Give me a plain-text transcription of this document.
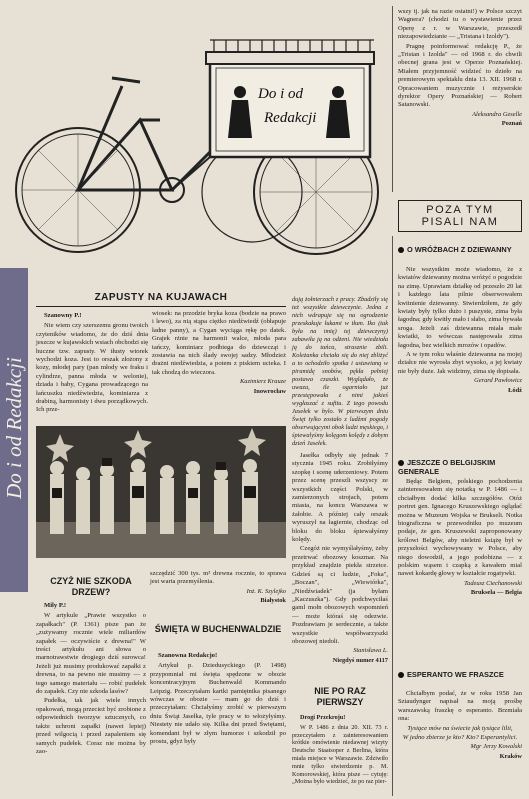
Do i od Redakcji
Do i od
Redakcji

wszy tj. jak na razie ostatni!) w Polsce szczyt Wagnera? (chodzi tu o wystawienie przez Operę z r. w Warszawie, przeszedł niezapowiedzianie — „Tristana i Izoldy").

Pragnę poinformować redakcję P., że „Tristan i Izolda" — od 1968 r. do chwili obecnej grana jest w Operze Poznańskiej. Miałem przyjemność widzieć to dzieło na premierowym spektaklu dnia 13. XII. 1968 r. Opracowaniem muzycznie i reżyserskie dyrektor Opery Poznańskiej — Robert Satanowski.

Aleksandra Geselle
Poznań
POZA TYM PISALI NAM
O WRÓŻBACH Z DZIEWANNY

Nie wszystkim może wiadomo, że z kwiatów dziewanny można wróżyć o pogodzie na zimę. Uprawiam działkę od przeszło 20 lat i każdego lata pilnie obserwowałem kwitnienie dziewanny. Stwierdziłem, że gdy kwiaty były tylko dużo i puszyste, zima była łagodna; gdy kwitły mało i słabo, zima bywała sroga. Jeżeli zaś dziewanna miała małe kwiatki, to wówczas następowała zima łagodna, bez wielkich mrozów i opadów.

A w tym roku właśnie dziewanna na mojej działce nie wyrosła zbyt wysoko, a jej kwiaty nie były duże. Jak widzimy, zima się dopisała.

Gerard Pawłowicz
Łódź
JESZCZE O BELGIJSKIM GENERALE

Będąc Belgiem, polskiego pochodzenia zainteresowałem się notatką w P. 1486 — i chciałbym dodać kilka szczegółów. Otóż portret gen. Ignacego Kruszewskiego oglądać można w Muzeum Wojska w Brukseli. Notka biograficzna w przewodniku po muzeum podaje, że gen. Kruszewski zaproponowany królowi Belgów, aby nieletni książę był w przyszłości wychowywany w Polsce, aby niego dowodził, a jego podobizna — z polskim wąsem i czapką z kawałem mial nawet kokardę głowy w kształcie rogatywki.

Tadeusz Ciechanowski
Bruksela — Belgia
ESPERANTO WE FRASZCE

Chciałbym podać, że w roku 1958 Jan Sztaudynger napisał na moją prośbę warszawską fraszkę o esperanto. Brzmiała ona:

Tysiące mów na świecie jak tysiące lilii,

W jedno zbierze je kto? Kto? Esperantylici.

Mgr Jerzy Kowalski
Kraków
ZAPUSTY NA KUJAWACH
Szanowny P.!

Nie wiem czy szerszemu gronu twoich czyteników wiadomo, że do dziś dnia jeszcze w kujawskich wsiach obchodzi się huczne tzw. zapusty. W tłusty wtorek wychodzi koza. Jest to orszak złożony z kozy, młodej pary (pan młody we fraku i cylindrze, panna młoda w welonie), dziada i baby, Cygana prowadzącego na łańcuszku niedźwiedzia, kominiarza z drabiną, harmonisty i dwu porządkowych. Ich prze-

wiosek: na przodzie bryka koza (bodzie na prawo i lewo), za nią stąpa ciężko niedźwiedź (obłapuje ładne panny), a Cygan wyciąga rękę po datek. Grajek rżnie na harmonii walce, młoda para tańczy, kominiarz podbiega do dziewcząt i zostawia na nich ślady swojej sadzy. Młodzież drażni niedźwiedzia, a potem z piskiem ucieka. I tak chodzą do wieczora.

Kazimierz Krauze
Inowrocław
CZYŻ NIE SZKODA DRZEW?
Mily P.!

W artykule „Prawie wszystko o zapałkach" (P. 1361) pisze pan że „zużywamy rocznie wiele miliardów zapałek — oczywiście z drewna!" W treści artykułu ani słowa o marnotrawstwie drogiego dziś surowca! Jeżeli już musimy produkować zapałki z drewna, to na pewno nie musimy — z tego samego materiału — robić pudełek do zapałek. Czy nie szkoda lasów?

Pudełka, tak jak wiele innych opakowań, mogą przecież być zrobione z odpowiednich tworzyw sztucznych, co także uchroni zapałki (nawet lepiej) przed wilgocią i przed zapaleniem się samych pudełek. Coraz nie można by zao-

szczędzić 300 tys. m³ drewna rocznie, to sprawa jest warta przemyślenia.

Inż. K. Szylejko
Białystok
ŚWIĘTA W BUCHENWALDZIE
Szanowna Redakcjo!

Artykuł p. Dziedusyckiego (P. 1498) przypomniał mi święta spędzone w obozie koncentracyjnym Buchenwald Kommando Leipzig. Przeczytałam kartki pamiętnika pisanego wówczas w obozie — mam go do dziś i przeczytałam: Chciałyśmy zrobić w pierwszym dniu Świąt Jasełka, tyle pracy w to włożyłyśmy. Niestety nie udało się. Kilka dni przed Świętami, komendant był w złym humorze i szkodził po prostu, gdyż były

dują żołnierzach z pracy. Zbudziły się też wszystkie dziewczynie. Jedna z nich wdrapuje się na ogrodzenie przeskakuje łukami w tłum. Iko (tak była na imię) tej dziewczyny) zabawiła ją na odżeni. Nie wiedziała ją do tańca, strasznie zbili. Koleżanka chciała się do niej zbliżyć a to ochodziło spotka i ustawianą w piramidę snobów, pękła pełniej postawa czaszki. Wyglądało, że uwaza, ile ogarniało już przestępowała z nimi jakieś wygłaszać z sufitu. Z tego powodu Jasełek w bylo. W pierwszym dniu Święt tylko zostało z ludźmi pogody obserwującymi obok ludzi męskiego, i śpiewalyśmy kolęgom kolędy z dobym dzień Jasełek.

Jasełka odbyły się jednak 7 stycznia 1945 roku. Zrobiłyśmy szopkę i scenę uderzeniowy. Potem przez scenę przeszli wszyscy ze wszystkich części Polski, w zamierzonych strojach, potem miasta, na koncu Warszawa w żałobie. A później cały orszak wyruszył na łagiernie, chodząc od bloku do bloku śpiewałyśmy kolędy.

Czegóż nie wymyślałyśmy, żeby przetrwać obozowy koszmar. Na przykład znajdzie piekła strzetce. Gdzieś są ci ludzie, „Foka", „Boczan", „Wiewiórka", „Niedźwiadek" (ja byłam „Kaczuszka"). Gdy podchwyciłaś gaml mołn obozowych wspomnień — może któraś się odezwie. Pozdrawiam je serdecznie, a także wszystkie współwarzyszki obozowej niedoli.

Stanisława L.
Niegdyś numer 4117
NIE PO RAZ PIERWSZY
Drogi Przekroju!

W P. 1486 z dnia 20. XII. 73 r. przeczytałem z zainteresowaniem krótkie omówienie niedawnej wizyty Deutsche Staatsoper z Berlina, która miała miejsce w Warszawie. Zdziwiło mnie tylko stwierdzenie p. M. Komorowskiej, która pisze — cytuję: „Można było wiedzieć, że po raz pier-
